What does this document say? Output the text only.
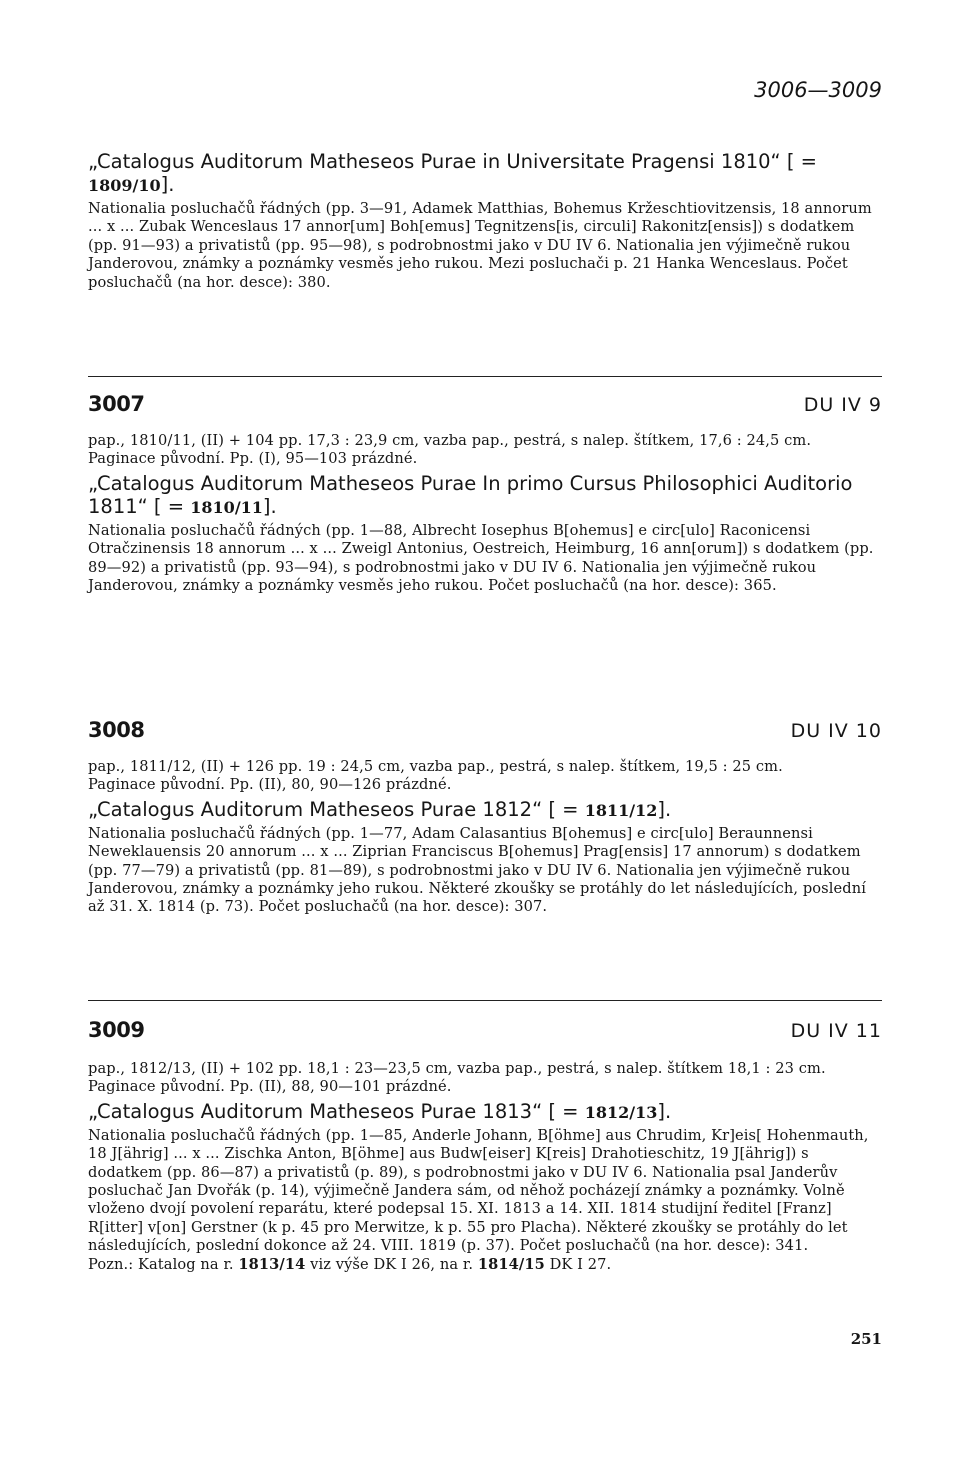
3006—3009

„Catalogus Auditorum Matheseos Purae in Universitate Pragensi 1810“ [ = 1809/10].

Nationalia posluchačů řádných (pp. 3—91, Adamek Matthias, Bohemus Kržeschtiovitzensis, 18 annorum ... x ... Zubak Wenceslaus 17 annor[um] Boh[emus] Tegnitzens[is, circuli] Rakonitz[ensis]) s dodatkem (pp. 91—93) a privatistů (pp. 95—98), s podrobnostmi jako v DU IV 6. Nationalia jen výjimečně rukou Janderovou, známky a poznámky vesměs jeho rukou. Mezi posluchači p. 21 Hanka Wenceslaus. Počet posluchačů (na hor. desce): 380.

3007	DU IV 9

pap., 1810/11, (II) + 104 pp. 17,3 : 23,9 cm, vazba pap., pestrá, s nalep. štítkem, 17,6 : 24,5 cm.

Paginace původní. Pp. (I), 95—103 prázdné.

„Catalogus Auditorum Matheseos Purae In primo Cursus Philosophici Auditorio 1811“ [ = 1810/11].

Nationalia posluchačů řádných (pp. 1—88, Albrecht Iosephus B[ohemus] e circ[ulo] Raconicensi Otračzinensis 18 annorum ... x ... Zweigl Antonius, Oestreich, Heimburg, 16 ann[orum]) s dodatkem (pp. 89—92) a privatistů (pp. 93—94), s podrobnostmi jako v DU IV 6. Nationalia jen výjimečně rukou Janderovou, známky a poznámky vesměs jeho rukou. Počet posluchačů (na hor. desce): 365.

3008	DU IV 10

pap., 1811/12, (II) + 126 pp. 19 : 24,5 cm, vazba pap., pestrá, s nalep. štítkem, 19,5 : 25 cm.

Paginace původní. Pp. (II), 80, 90—126 prázdné.

„Catalogus Auditorum Matheseos Purae 1812“ [ = 1811/12].

Nationalia posluchačů řádných (pp. 1—77, Adam Calasantius B[ohemus] e circ[ulo] Beraunnensi Neweklauensis 20 annorum ... x ... Ziprian Franciscus B[ohemus] Prag[ensis] 17 annorum) s dodatkem (pp. 77—79) a privatistů (pp. 81—89), s podrobnostmi jako v DU IV 6. Nationalia jen výjimečně rukou Janderovou, známky a poznámky jeho rukou. Některé zkoušky se protáhly do let následujících, poslední až 31. X. 1814 (p. 73). Počet posluchačů (na hor. desce): 307.

3009	DU IV 11

pap., 1812/13, (II) + 102 pp. 18,1 : 23—23,5 cm, vazba pap., pestrá, s nalep. štítkem 18,1 : 23 cm.

Paginace původní. Pp. (II), 88, 90—101 prázdné.

„Catalogus Auditorum Matheseos Purae 1813“ [ = 1812/13].

Nationalia posluchačů řádných (pp. 1—85, Anderle Johann, B[öhme] aus Chrudim, Kr]eis[ Hohenmauth, 18 J[ährig] ... x ... Zischka Anton, B[öhme] aus Budw[eiser] K[reis] Drahotieschitz, 19 J[ährig]) s dodatkem (pp. 86—87) a privatistů (p. 89), s podrobnostmi jako v DU IV 6. Nationalia psal Janderův posluchač Jan Dvořák (p. 14), výjimečně Jandera sám, od něhož pocházejí známky a poznámky. Volně vloženo dvojí povolení reparátu, které podepsal 15. XI. 1813 a 14. XII. 1814 studijní ředitel [Franz] R[itter] v[on] Gerstner (k p. 45 pro Merwitze, k p. 55 pro Placha). Některé zkoušky se protáhly do let následujících, poslední dokonce až 24. VIII. 1819 (p. 37). Počet posluchačů (na hor. desce): 341.

Pozn.: Katalog na r. 1813/14 viz výše DK I 26, na r. 1814/15 DK I 27.

251
